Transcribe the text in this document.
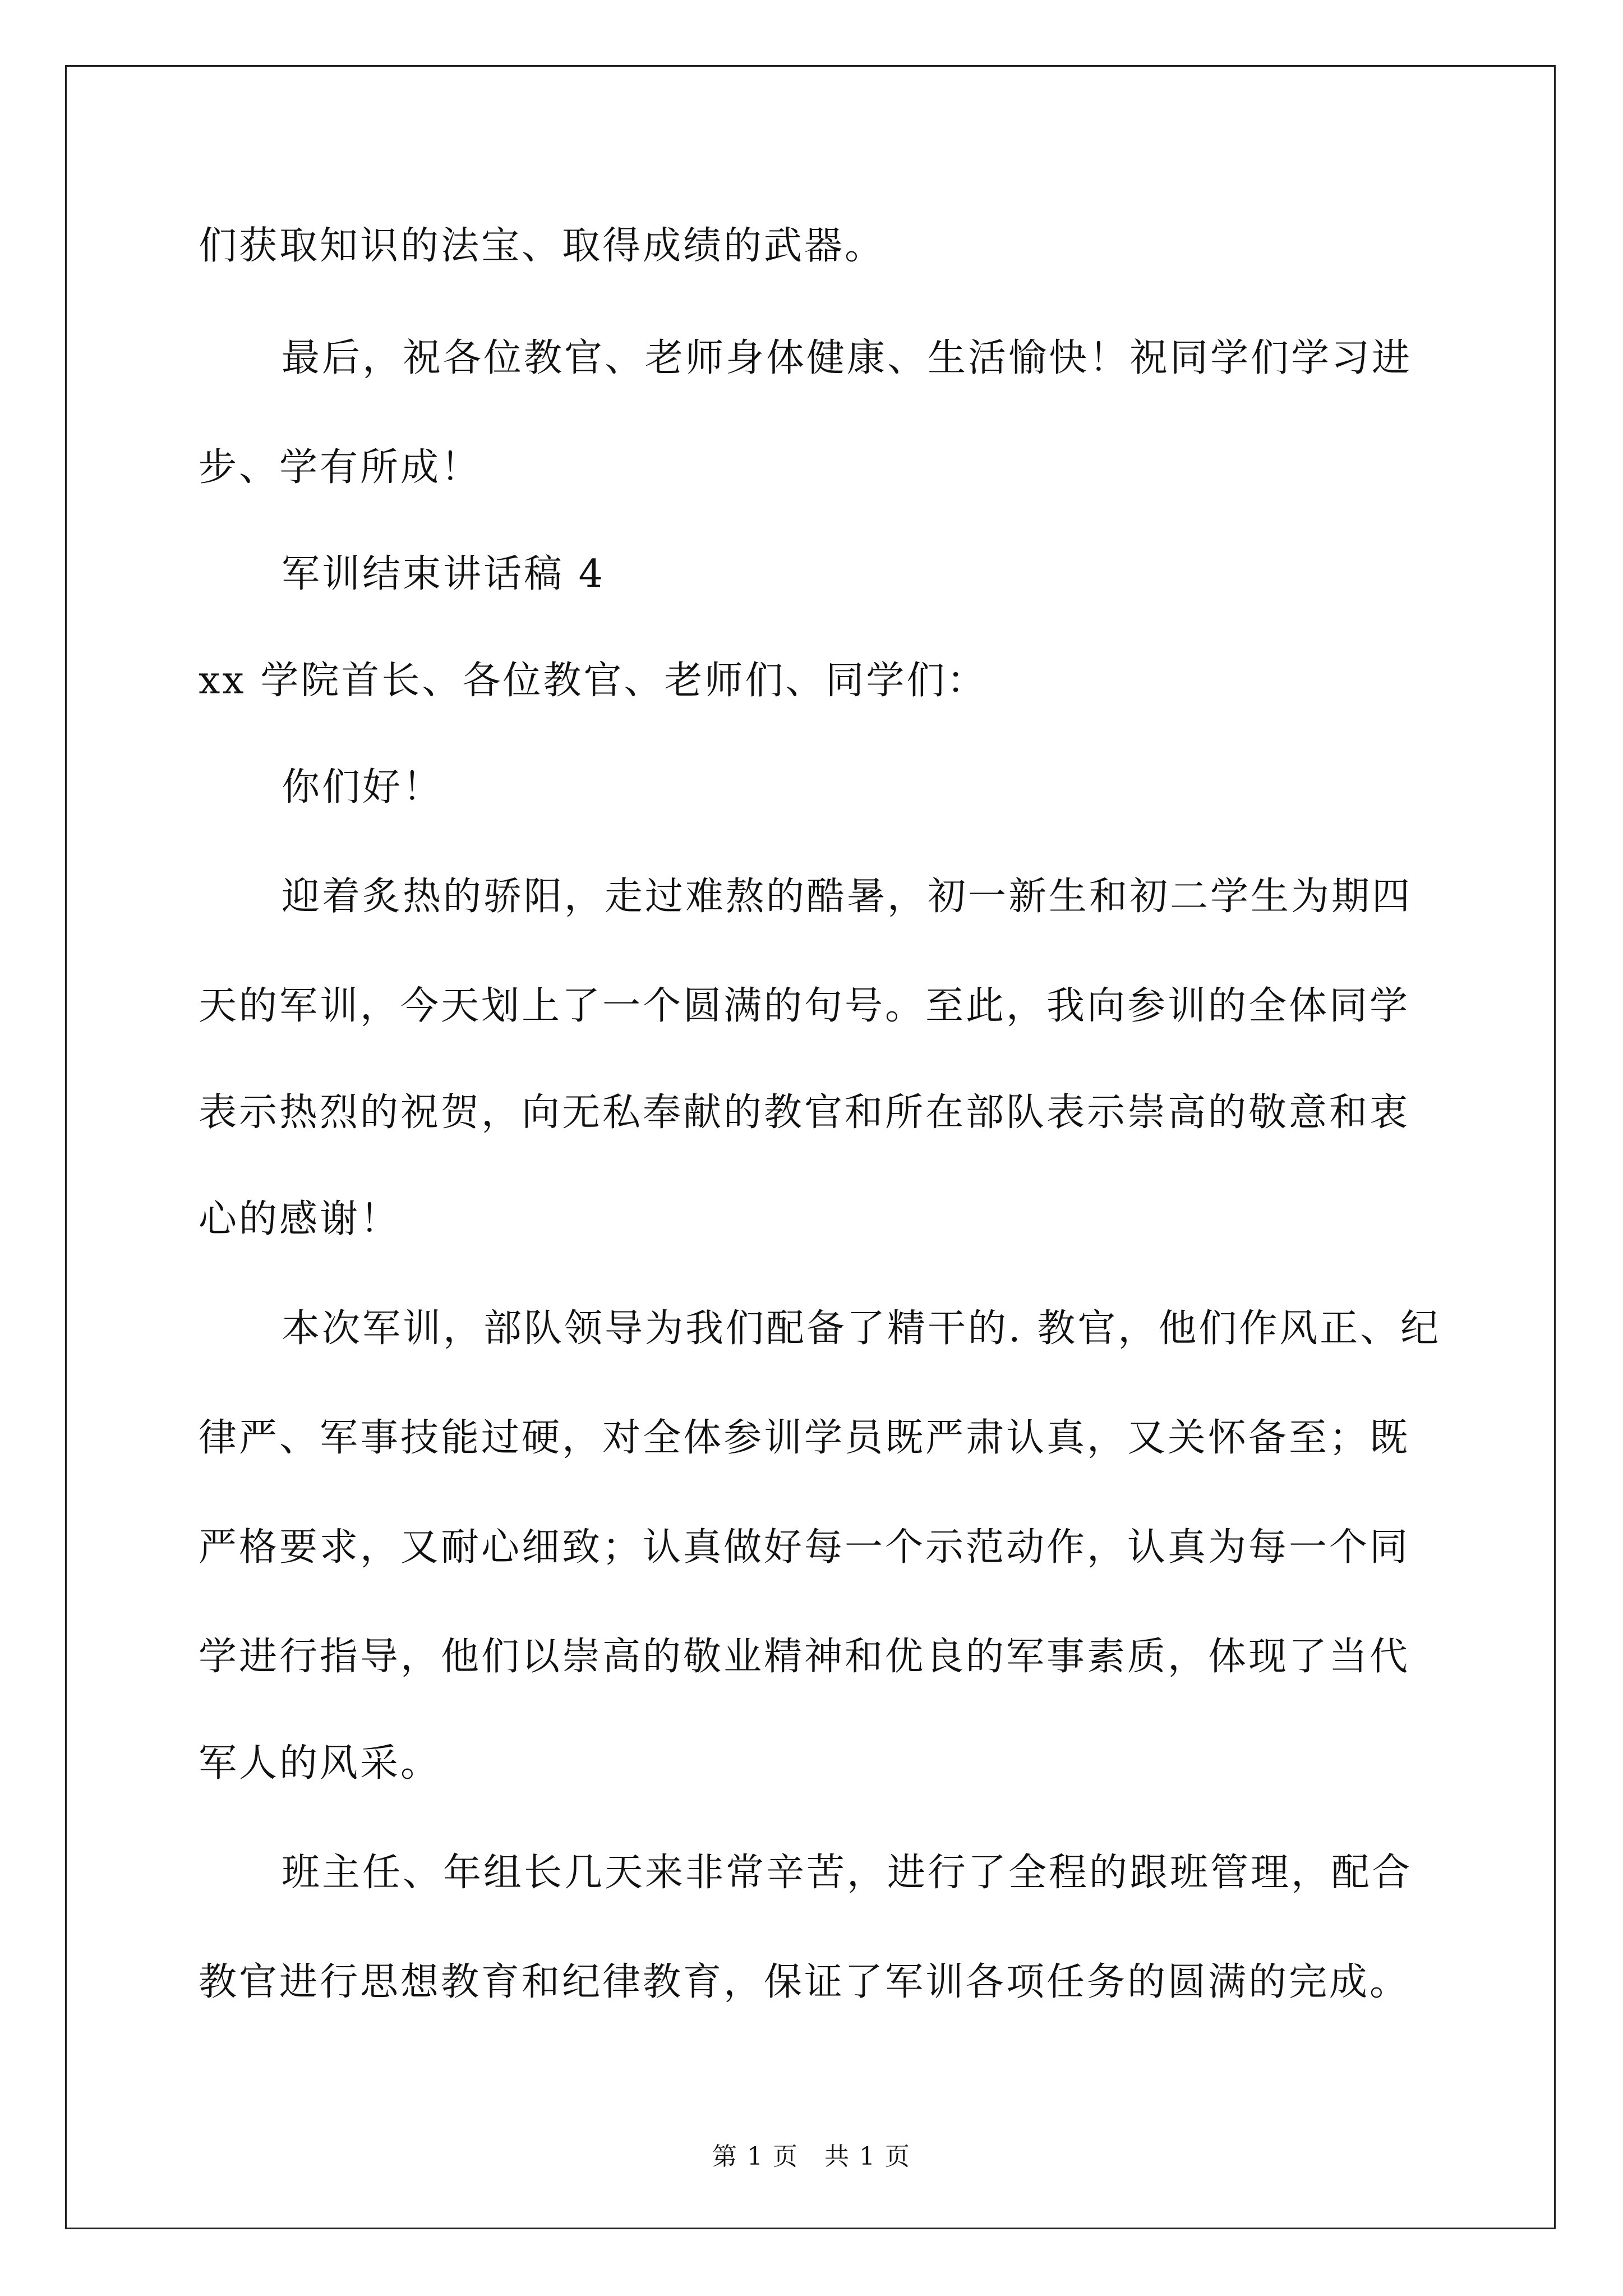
们获取知识的法宝、取得成绩的武器。
最后，祝各位教官、老师身体健康、生活愉快！祝同学们学习进
步、学有所成！
军训结束讲话稿 4
xx 学院首长、各位教官、老师们、同学们：
你们好！
迎着炙热的骄阳，走过难熬的酷暑，初一新生和初二学生为期四
天的军训，今天划上了一个圆满的句号。至此，我向参训的全体同学
表示热烈的祝贺，向无私奉献的教官和所在部队表示崇高的敬意和衷
心的感谢！
本次军训，部队领导为我们配备了精干的. 教官，他们作风正、纪
律严、军事技能过硬，对全体参训学员既严肃认真，又关怀备至；既
严格要求，又耐心细致；认真做好每一个示范动作，认真为每一个同
学进行指导，他们以崇高的敬业精神和优良的军事素质，体现了当代
军人的风采。
班主任、年组长几天来非常辛苦，进行了全程的跟班管理，配合
教官进行思想教育和纪律教育，保证了军训各项任务的圆满的完成。
第 1 页　共 1 页
